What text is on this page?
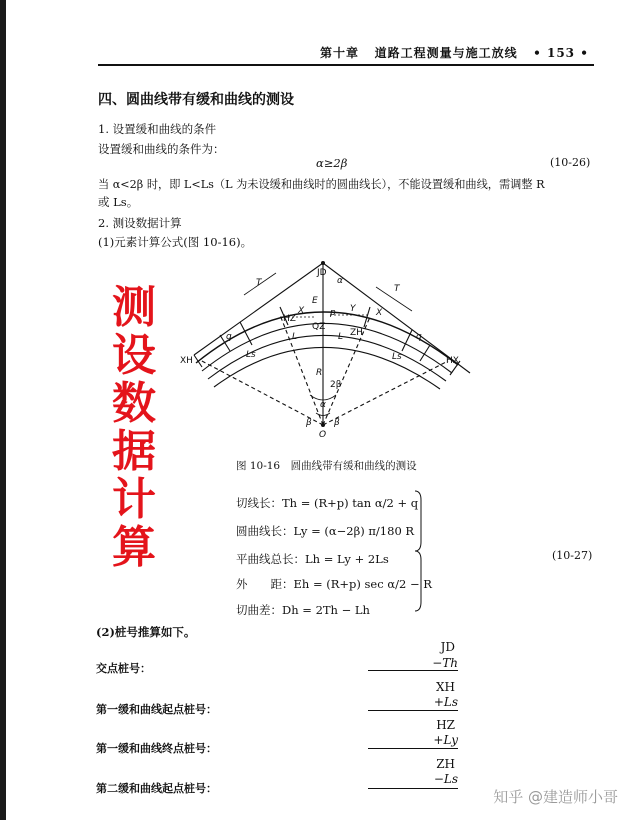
第十章 道路工程测量与施工放线 • 153 •
四、圆曲线带有缓和曲线的测设
1. 设置缓和曲线的条件
设置缓和曲线的条件为：
α≥2β	(10-26)
当 α<2β 时，即 L<Ls（L 为未设缓和曲线时的圆曲线长），不能设置缓和曲线，需调整 R
或 Ls。
2. 测设数据计算
(1)元素计算公式(图 10-16)。
测
设
数
据
计
算
JD
α
XH	HX
HZ
QZ
ZH
T
T
E
X	Y X
L	L
Ls	Ls
q	q
p
R
2β
α
β β
O
图 10-16　圆曲线带有缓和曲线的测设
切线长：Th = (R+p) tan α/2 + q
圆曲线长：Ly = (α−2β) π/180 R
平曲线总长：Lh = Ly + 2Ls
外　　距：Eh = (R+p) sec α/2 − R
切曲差：Dh = 2Th − Lh
(10-27)
(2)桩号推算如下。
JD
−Th
交点桩号：
XH
+Ls
第一缓和曲线起点桩号：
HZ
+Ly
第一缓和曲线终点桩号：
ZH
−Ls
第二缓和曲线起点桩号：	知乎 @建造师小哥
